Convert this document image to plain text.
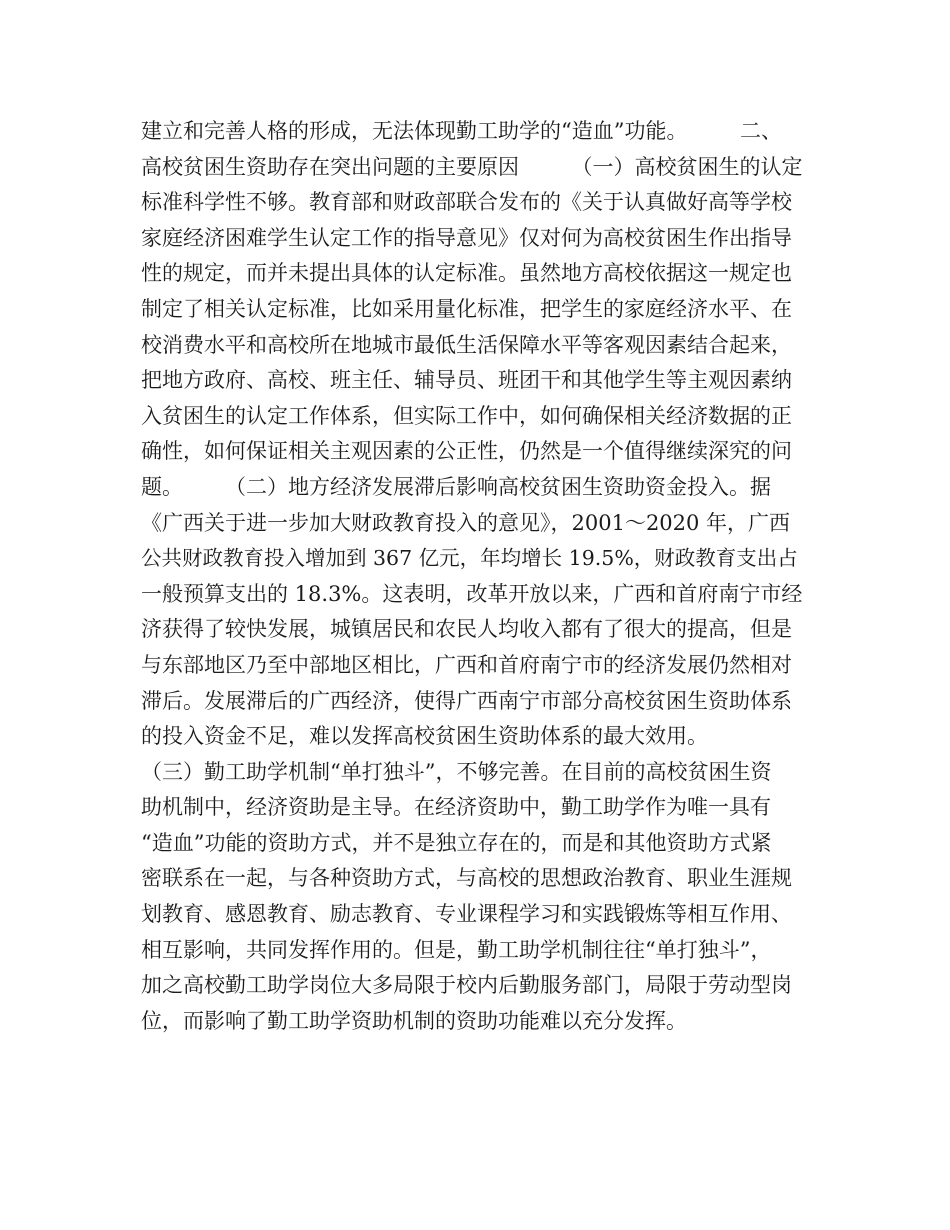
建立和完善人格的形成，无法体现勤工助学的“造血”功能。　　　二、
高校贫困生资助存在突出问题的主要原因　　　（一）高校贫困生的认定
标准科学性不够。教育部和财政部联合发布的《关于认真做好高等学校
家庭经济困难学生认定工作的指导意见》仅对何为高校贫困生作出指导
性的规定，而并未提出具体的认定标准。虽然地方高校依据这一规定也
制定了相关认定标准，比如采用量化标准，把学生的家庭经济水平、在
校消费水平和高校所在地城市最低生活保障水平等客观因素结合起来，
把地方政府、高校、班主任、辅导员、班团干和其他学生等主观因素纳
入贫困生的认定工作体系，但实际工作中，如何确保相关经济数据的正
确性，如何保证相关主观因素的公正性，仍然是一个值得继续深究的问
题。　　　（二）地方经济发展滞后影响高校贫困生资助资金投入。据
《广西关于进一步加大财政教育投入的意见》，2001～2020 年，广西
公共财政教育投入增加到 367 亿元，年均增长 19.5%，财政教育支出占
一般预算支出的 18.3%。这表明，改革开放以来，广西和首府南宁市经
济获得了较快发展，城镇居民和农民人均收入都有了很大的提高，但是
与东部地区乃至中部地区相比，广西和首府南宁市的经济发展仍然相对
滞后。发展滞后的广西经济，使得广西南宁市部分高校贫困生资助体系
的投入资金不足，难以发挥高校贫困生资助体系的最大效用。
（三）勤工助学机制“单打独斗”，不够完善。在目前的高校贫困生资
助机制中，经济资助是主导。在经济资助中，勤工助学作为唯一具有
“造血”功能的资助方式，并不是独立存在的，而是和其他资助方式紧
密联系在一起，与各种资助方式，与高校的思想政治教育、职业生涯规
划教育、感恩教育、励志教育、专业课程学习和实践锻炼等相互作用、
相互影响，共同发挥作用的。但是，勤工助学机制往往“单打独斗”，
加之高校勤工助学岗位大多局限于校内后勤服务部门，局限于劳动型岗
位，而影响了勤工助学资助机制的资助功能难以充分发挥。
